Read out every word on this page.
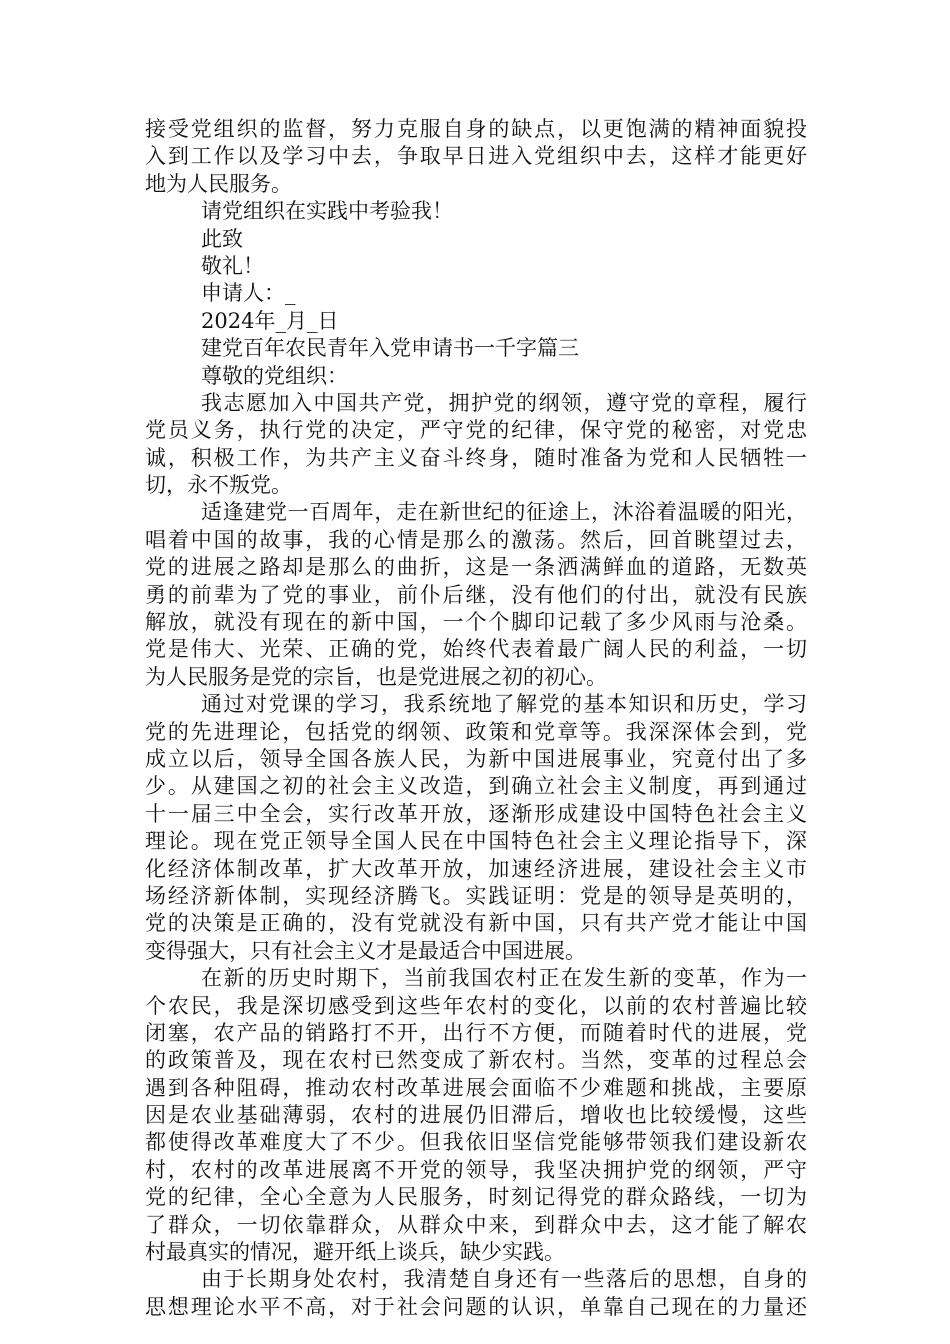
接受党组织的监督，努力克服自身的缺点，以更饱满的精神面貌投
入到工作以及学习中去，争取早日进入党组织中去，这样才能更好
地为人民服务。
请党组织在实践中考验我！
此致
敬礼！
申请人：_
2024年_月_日
建党百年农民青年入党申请书一千字篇三
尊敬的党组织：
我志愿加入中国共产党，拥护党的纲领，遵守党的章程，履行
党员义务，执行党的决定，严守党的纪律，保守党的秘密，对党忠
诚，积极工作，为共产主义奋斗终身，随时准备为党和人民牺牲一
切，永不叛党。
适逢建党一百周年，走在新世纪的征途上，沐浴着温暖的阳光，
唱着中国的故事，我的心情是那么的激荡。然后，回首眺望过去，
党的进展之路却是那么的曲折，这是一条洒满鲜血的道路，无数英
勇的前辈为了党的事业，前仆后继，没有他们的付出，就没有民族
解放，就没有现在的新中国，一个个脚印记载了多少风雨与沧桑。
党是伟大、光荣、正确的党，始终代表着最广阔人民的利益，一切
为人民服务是党的宗旨，也是党进展之初的初心。
通过对党课的学习，我系统地了解党的基本知识和历史，学习
党的先进理论，包括党的纲领、政策和党章等。我深深体会到，党
成立以后，领导全国各族人民，为新中国进展事业，究竟付出了多
少。从建国之初的社会主义改造，到确立社会主义制度，再到通过
十一届三中全会，实行改革开放，逐渐形成建设中国特色社会主义
理论。现在党正领导全国人民在中国特色社会主义理论指导下，深
化经济体制改革，扩大改革开放，加速经济进展，建设社会主义市
场经济新体制，实现经济腾飞。实践证明：党是的领导是英明的，
党的决策是正确的，没有党就没有新中国，只有共产党才能让中国
变得强大，只有社会主义才是最适合中国进展。
在新的历史时期下，当前我国农村正在发生新的变革，作为一
个农民，我是深切感受到这些年农村的变化，以前的农村普遍比较
闭塞，农产品的销路打不开，出行不方便，而随着时代的进展，党
的政策普及，现在农村已然变成了新农村。当然，变革的过程总会
遇到各种阻碍，推动农村改革进展会面临不少难题和挑战，主要原
因是农业基础薄弱，农村的进展仍旧滞后，增收也比较缓慢，这些
都使得改革难度大了不少。但我依旧坚信党能够带领我们建设新农
村，农村的改革进展离不开党的领导，我坚决拥护党的纲领，严守
党的纪律，全心全意为人民服务，时刻记得党的群众路线，一切为
了群众，一切依靠群众，从群众中来，到群众中去，这才能了解农
村最真实的情况，避开纸上谈兵，缺少实践。
由于长期身处农村，我清楚自身还有一些落后的思想，自身的
思想理论水平不高，对于社会问题的认识，单靠自己现在的力量还
